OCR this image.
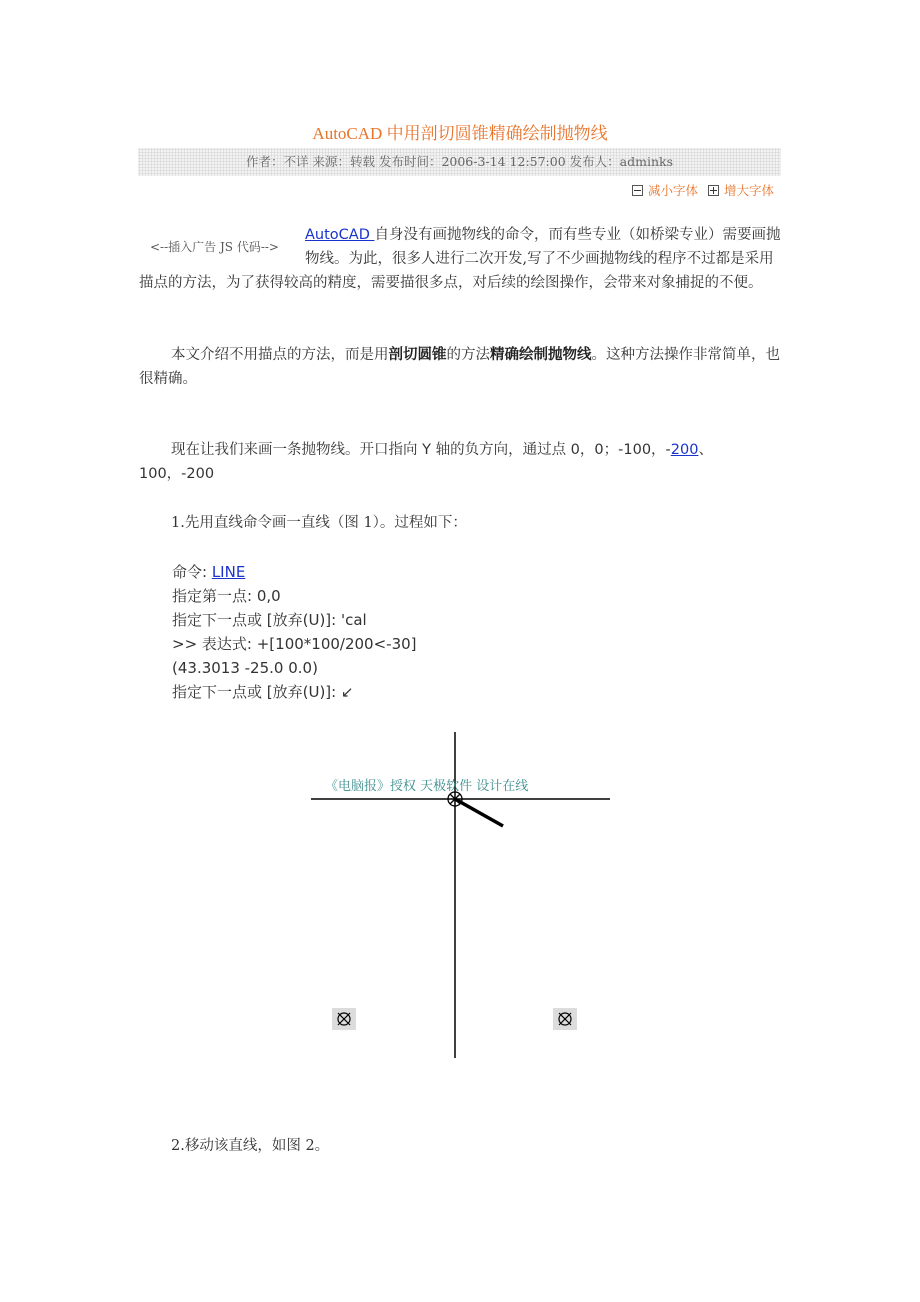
AutoCAD 中用剖切圆锥精确绘制抛物线
作者：不详 来源：转载 发布时间：2006-3-14 12:57:00 发布人：adminks
减小字体 增大字体
<--插入广告 JS 代码-->
AutoCAD 自身没有画抛物线的命令，而有些专业（如桥梁专业）需要画抛物线。为此，很多人进行二次开发,写了不少画抛物线的程序不过都是采用描点的方法，为了获得较高的精度，需要描很多点，对后续的绘图操作，会带来对象捕捉的不便。
本文介绍不用描点的方法，而是用剖切圆锥的方法精确绘制抛物线。这种方法操作非常简单，也很精确。
现在让我们来画一条抛物线。开口指向 Y 轴的负方向，通过点 0，0；-100，-200、100，-200
1.先用直线命令画一直线（图 1）。过程如下：
命令: LINE
指定第一点: 0,0
指定下一点或 [放弃(U)]: 'cal
>> 表达式: +[100*100/200<-30]
(43.3013 -25.0 0.0)
指定下一点或 [放弃(U)]: ↙
《电脑报》授权 天极软件 设计在线
2.移动该直线，如图 2。
